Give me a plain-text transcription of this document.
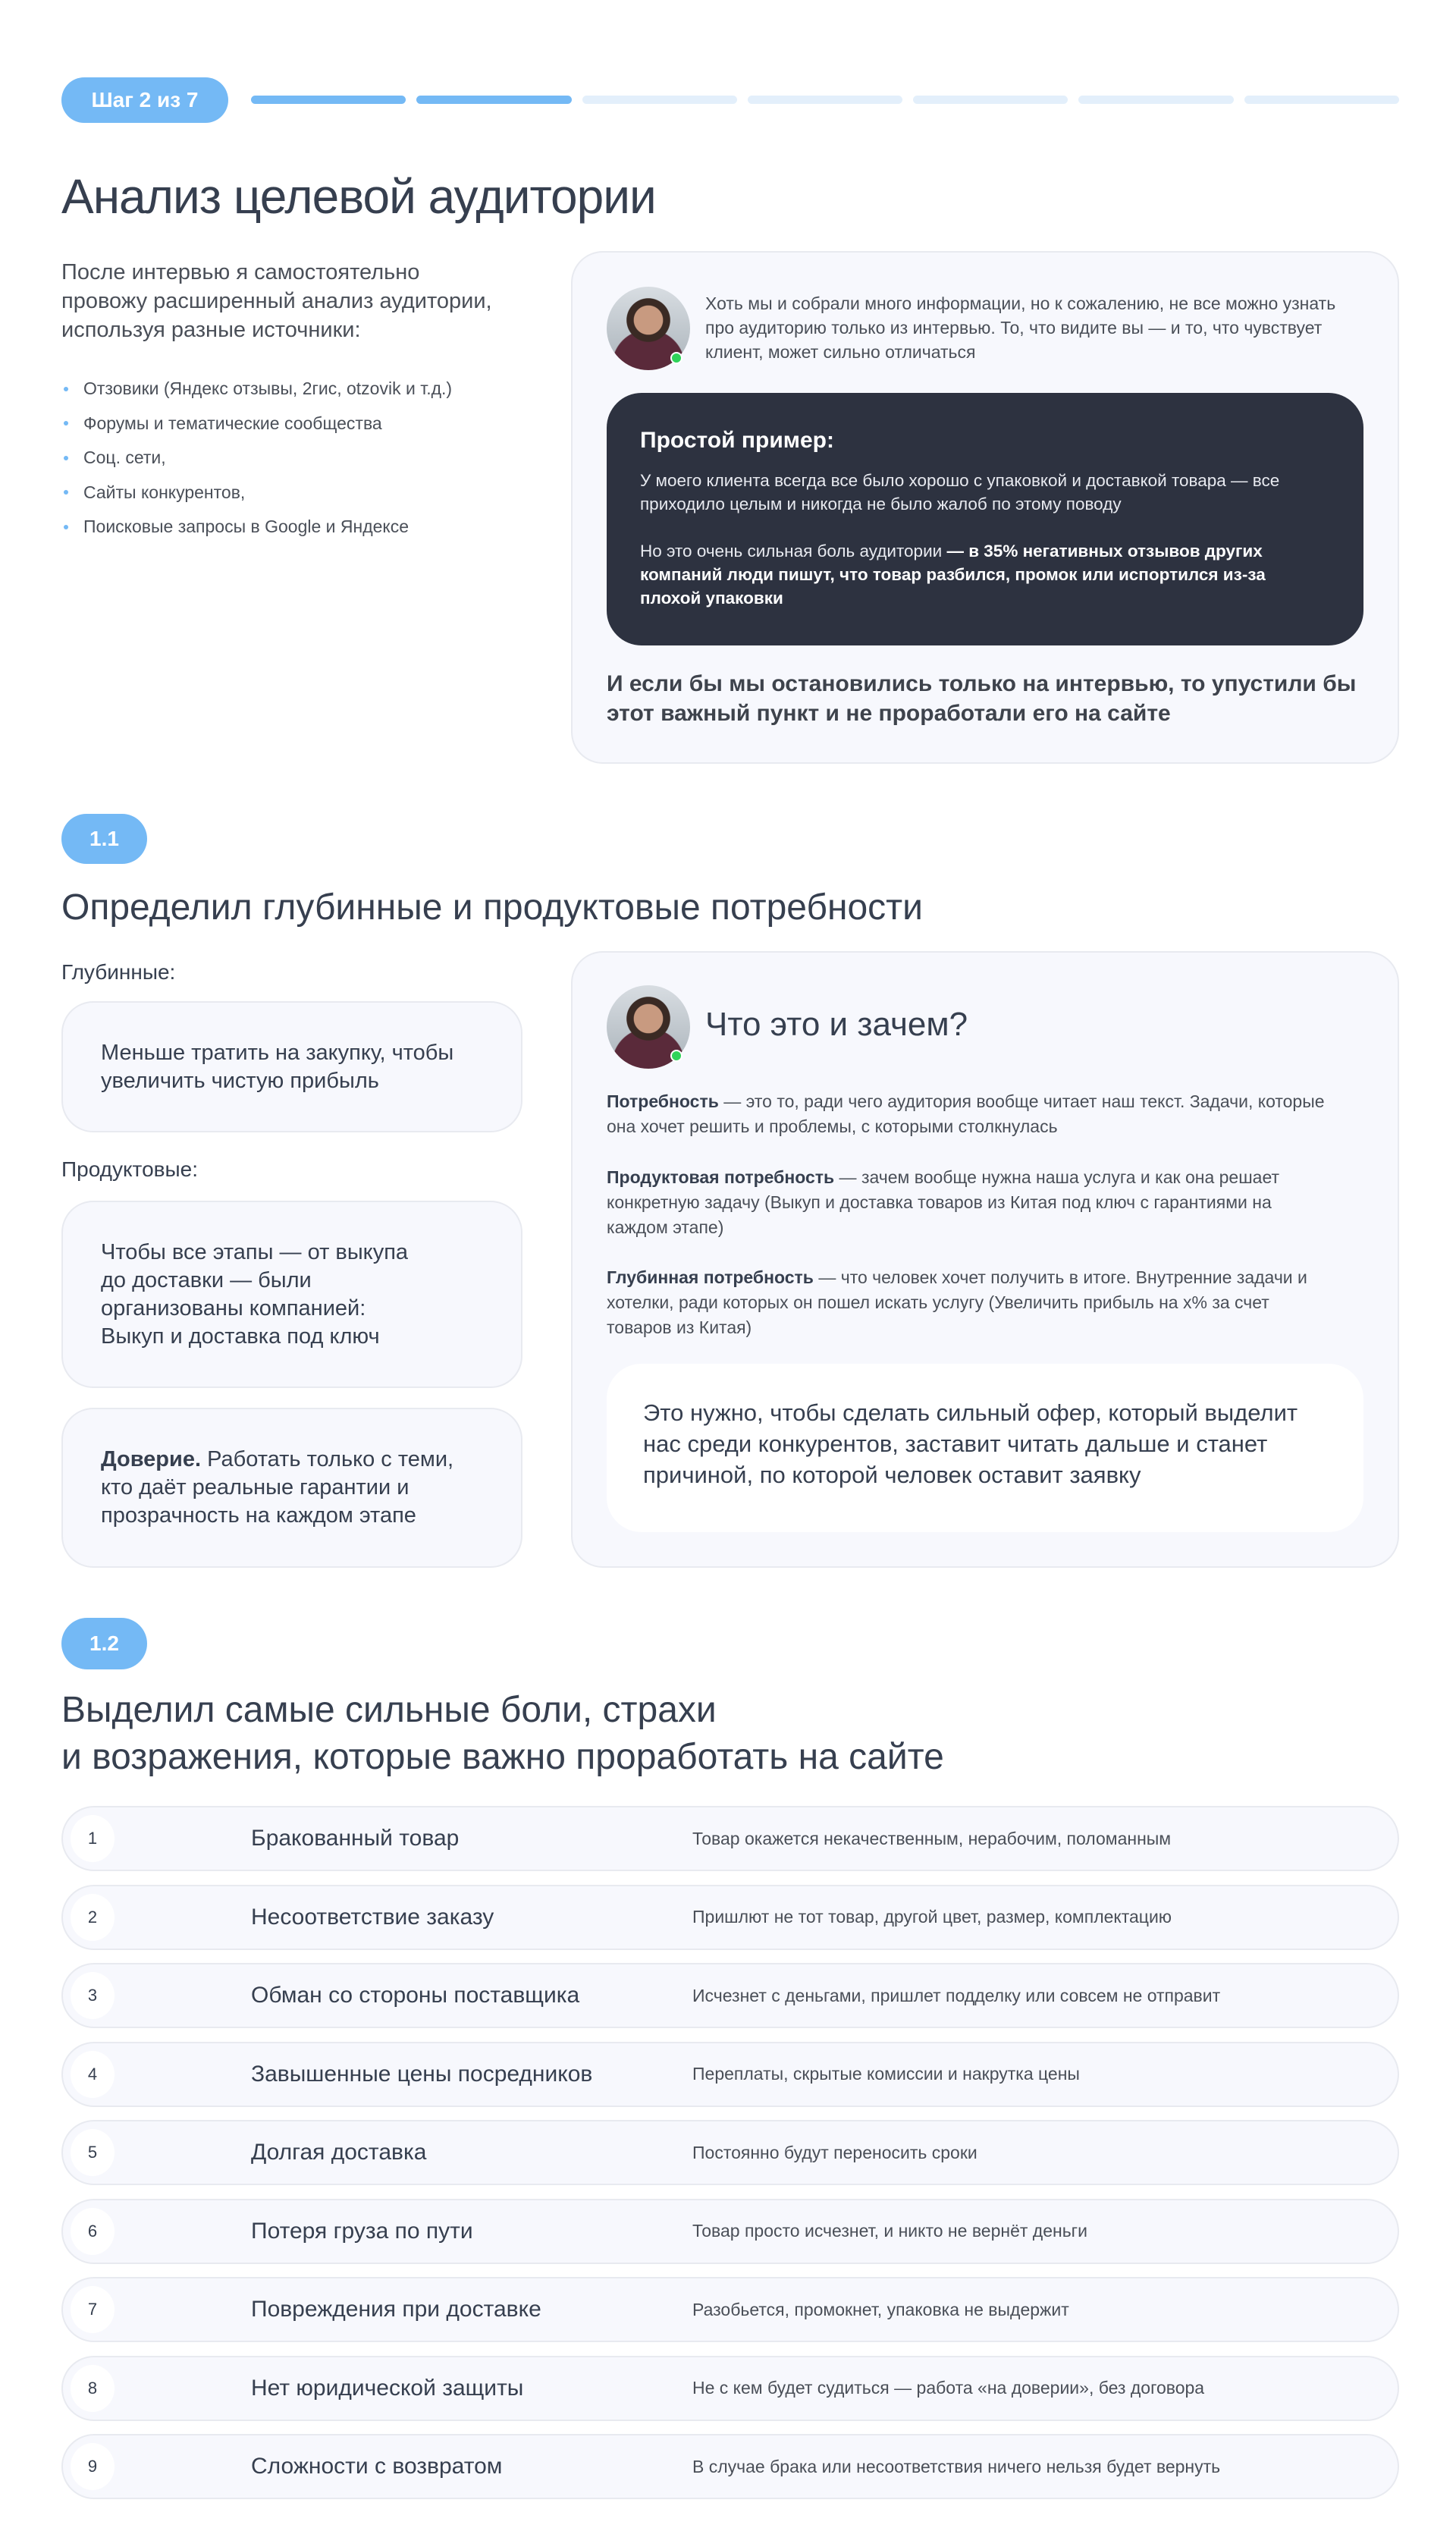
Шаг 2 из 7
Анализ целевой аудитории

После интервью я самостоятельно провожу расширенный анализ аудитории, используя разные источники:

Отзовики (Яндекс отзывы, 2гис, otzovik и т.д.)
Форумы и тематические сообщества
Соц. сети,
Сайты конкурентов,
Поисковые запросы в Google и Яндексе

Хоть мы и собрали много информации, но к сожалению, не все можно узнать про аудиторию только из интервью. То, что видите вы — и то, что чувствует клиент, может сильно отличаться

Простой пример:

У моего клиента всегда все было хорошо с упаковкой и доставкой товара — все приходило целым и никогда не было жалоб по этому поводу

Но это очень сильная боль аудитории — в 35% негативных отзывов других компаний люди пишут, что товар разбился, промок или испортился из-за плохой упаковки

И если бы мы остановились только на интервью, то упустили бы этот важный пункт и не проработали его на сайте

1.1
Определил глубинные и продуктовые потребности
Глубинные:
Меньше тратить на закупку, чтобы увеличить чистую прибыль
Продуктовые:
Чтобы все этапы — от выкупа до доставки — были организованы компанией: Выкуп и доставка под ключ
Доверие. Работать только с теми, кто даёт реальные гарантии и прозрачность на каждом этапе
Что это и зачем?

Потребность — это то, ради чего аудитория вообще читает наш текст. Задачи, которые она хочет решить и проблемы, с которыми столкнулась

Продуктовая потребность — зачем вообще нужна наша услуга и как она решает конкретную задачу (Выкуп и доставка товаров из Китая под ключ с гарантиями на каждом этапе)

Глубинная потребность — что человек хочет получить в итоге. Внутренние задачи и хотелки, ради которых он пошел искать услугу (Увеличить прибыль на х% за счет товаров из Китая)

Это нужно, чтобы сделать сильный офер, который выделит нас среди конкурентов, заставит читать дальше и станет причиной, по которой человек оставит заявку
1.2
Выделил самые сильные боли, страхи
и возражения, которые важно проработать на сайте
1	Бракованный товар	Товар окажется некачественным, нерабочим, поломанным
2	Несоответствие заказу	Пришлют не тот товар, другой цвет, размер, комплектацию
3	Обман со стороны поставщика	Исчезнет с деньгами, пришлет подделку или совсем не отправит
4	Завышенные цены посредников	Переплаты, скрытые комиссии и накрутка цены
5	Долгая доставка	Постоянно будут переносить сроки
6	Потеря груза по пути	Товар просто исчезнет, и никто не вернёт деньги
7	Повреждения при доставке	Разобьется, промокнет, упаковка не выдержит
8	Нет юридической защиты	Не с кем будет судиться — работа «на доверии», без договора
9	Сложности с возвратом	В случае брака или несоответствия ничего нельзя будет вернуть
